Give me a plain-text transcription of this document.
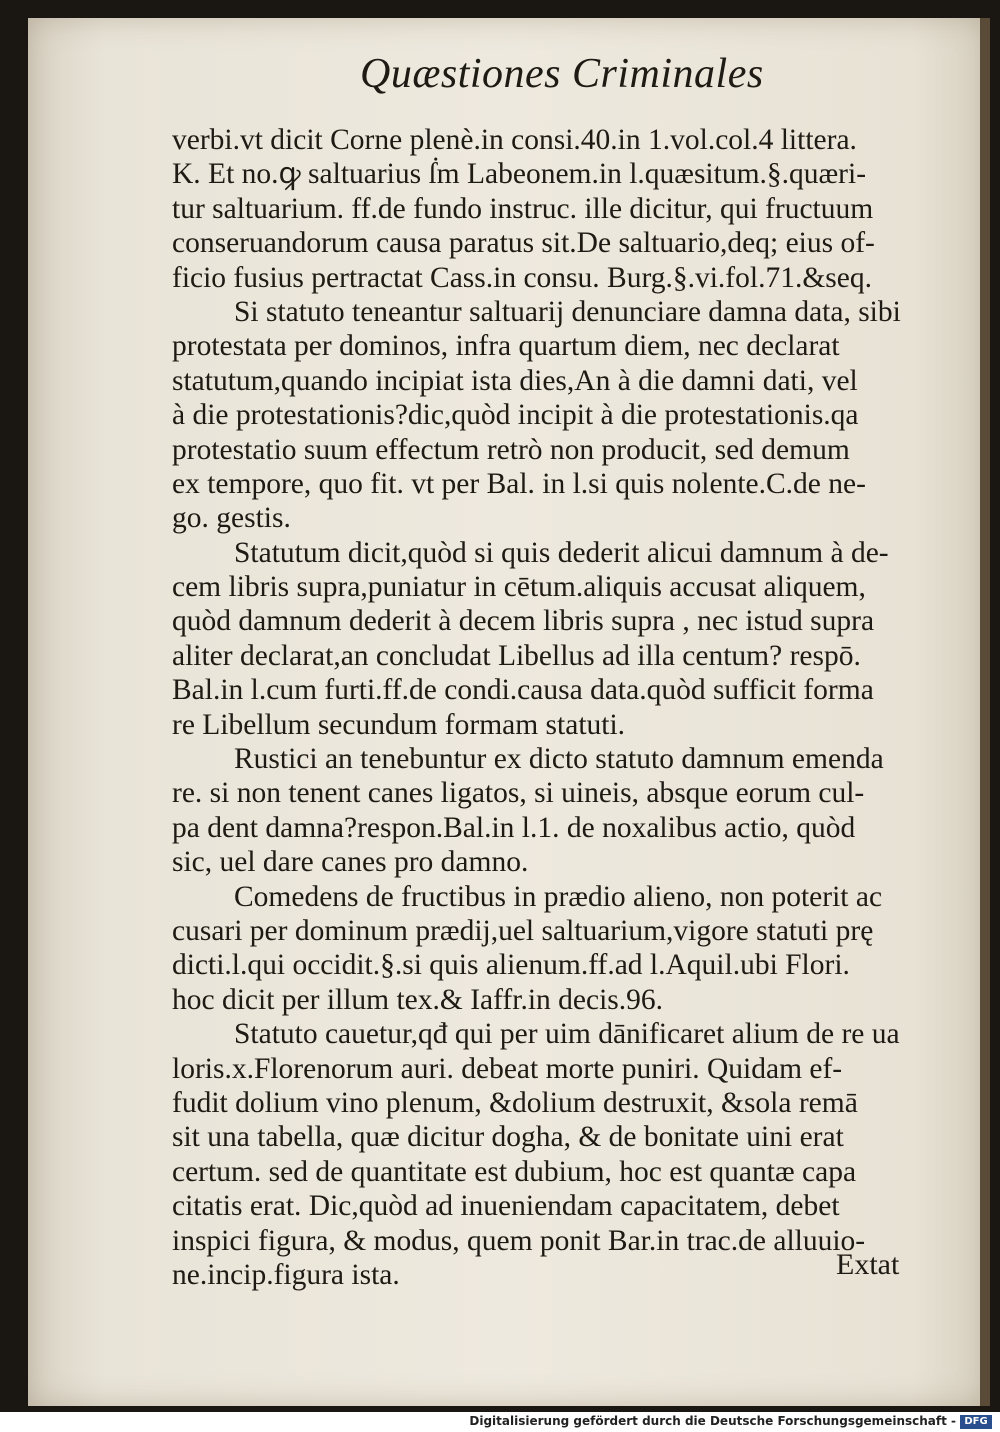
Quæstiones Criminales
verbi.vt dicit Corne plenè.in consi.40.in 1.vol.col.4 littera.
K. Et no.ꝙ saltuarius ẛm Labeonem.in l.quæsitum.§.quæri-
tur saltuarium. ff.de fundo instruc. ille dicitur, qui fructuum
conseruandorum causa paratus sit.De saltuario,deq; eius of-
ficio fusius pertractat Cass.in consu. Burg.§.vi.fol.71.&seq.
Si statuto teneantur saltuarij denunciare damna data, sibi
protestata per dominos, infra quartum diem, nec declarat
statutum,quando incipiat ista dies,An à die damni dati, vel
à die protestationis?dic,quòd incipit à die protestationis.qa
protestatio suum effectum retrò non producit, sed demum
ex tempore, quo fit. vt per Bal. in l.si quis nolente.C.de ne-
go. gestis.
Statutum dicit,quòd si quis dederit alicui damnum à de-
cem libris supra,puniatur in cētum.aliquis accusat aliquem,
quòd damnum dederit à decem libris supra , nec istud supra
aliter declarat,an concludat Libellus ad illa centum? respō.
Bal.in l.cum furti.ff.de condi.causa data.quòd sufficit forma
re Libellum secundum formam statuti.
Rustici an tenebuntur ex dicto statuto damnum emenda
re. si non tenent canes ligatos, si uineis, absque eorum cul-
pa dent damna?respon.Bal.in l.1. de noxalibus actio, quòd
sic, uel dare canes pro damno.
Comedens de fructibus in prædio alieno, non poterit ac
cusari per dominum prædij,uel saltuarium,vigore statuti prę
dicti.l.qui occidit.§.si quis alienum.ff.ad l.Aquil.ubi Flori.
hoc dicit per illum tex.& Iaffr.in decis.96.
Statuto cauetur,qđ qui per uim dānificaret alium de re ua
loris.x.Florenorum auri. debeat morte puniri. Quidam ef-
fudit dolium vino plenum, &dolium destruxit, &sola remā
sit una tabella, quæ dicitur dogha, & de bonitate uini erat
certum. sed de quantitate est dubium, hoc est quantæ capa
citatis erat. Dic,quòd ad inueniendam capacitatem, debet
inspici figura, & modus, quem ponit Bar.in trac.de alluuio-
ne.incip.figura ista.	Extat
Digitalisierung gefördert durch die Deutsche Forschungsgemeinschaft - DFG
